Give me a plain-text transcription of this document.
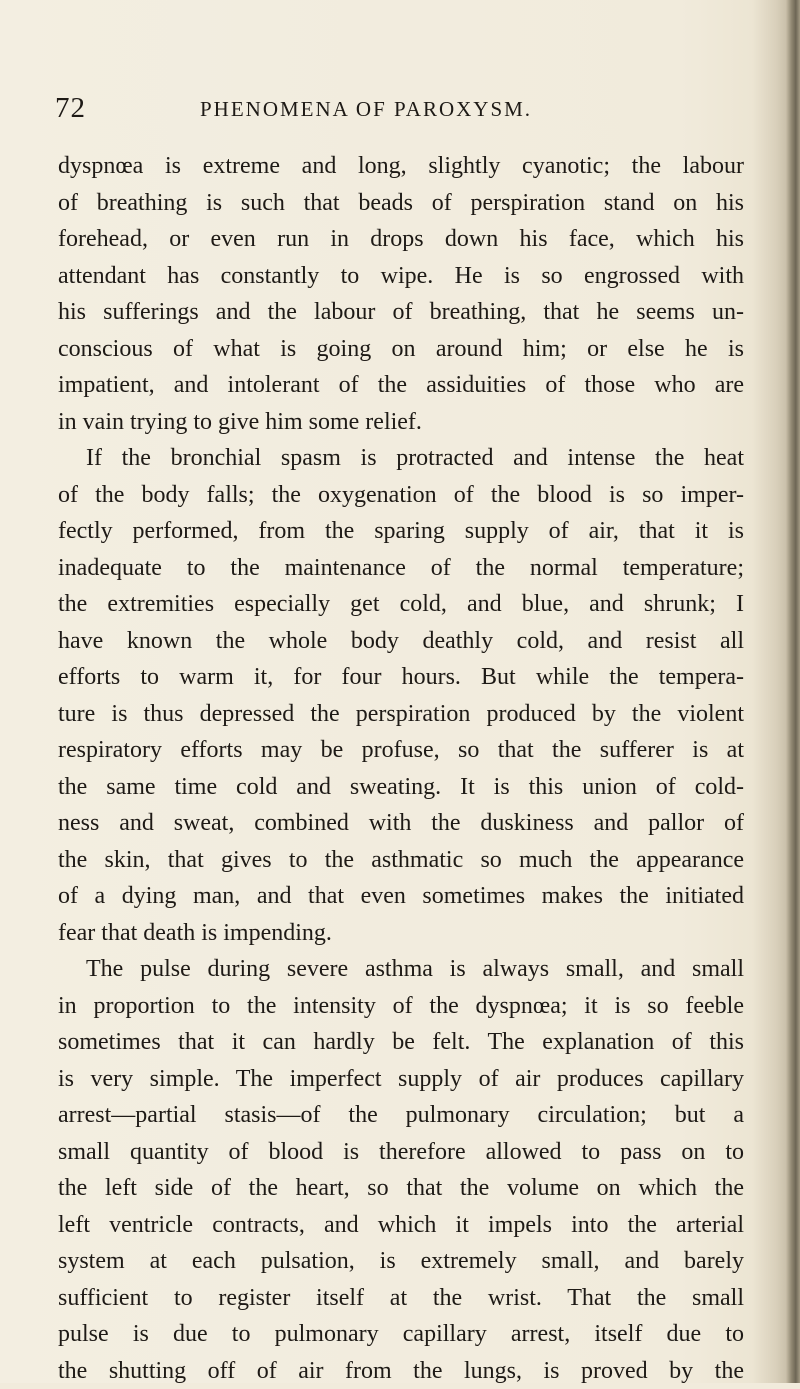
72	PHENOMENA OF PAROXYSM.
dyspnœa is extreme and long, slightly cyanotic; the labour
of breathing is such that beads of perspiration stand on his
forehead, or even run in drops down his face, which his
attendant has constantly to wipe. He is so engrossed with
his sufferings and the labour of breathing, that he seems un-
conscious of what is going on around him; or else he is
impatient, and intolerant of the assiduities of those who are
in vain trying to give him some relief.
If the bronchial spasm is protracted and intense the heat
of the body falls; the oxygenation of the blood is so imper-
fectly performed, from the sparing supply of air, that it is
inadequate to the maintenance of the normal temperature;
the extremities especially get cold, and blue, and shrunk; I
have known the whole body deathly cold, and resist all
efforts to warm it, for four hours. But while the tempera-
ture is thus depressed the perspiration produced by the violent
respiratory efforts may be profuse, so that the sufferer is at
the same time cold and sweating. It is this union of cold-
ness and sweat, combined with the duskiness and pallor of
the skin, that gives to the asthmatic so much the appearance
of a dying man, and that even sometimes makes the initiated
fear that death is impending.
The pulse during severe asthma is always small, and small
in proportion to the intensity of the dyspnœa; it is so feeble
sometimes that it can hardly be felt. The explanation of this
is very simple. The imperfect supply of air produces capillary
arrest—partial stasis—of the pulmonary circulation; but a
small quantity of blood is therefore allowed to pass on to
the left side of the heart, so that the volume on which the
left ventricle contracts, and which it impels into the arterial
system at each pulsation, is extremely small, and barely
sufficient to register itself at the wrist. That the small
pulse is due to pulmonary capillary arrest, itself due to
the shutting off of air from the lungs, is proved by the
